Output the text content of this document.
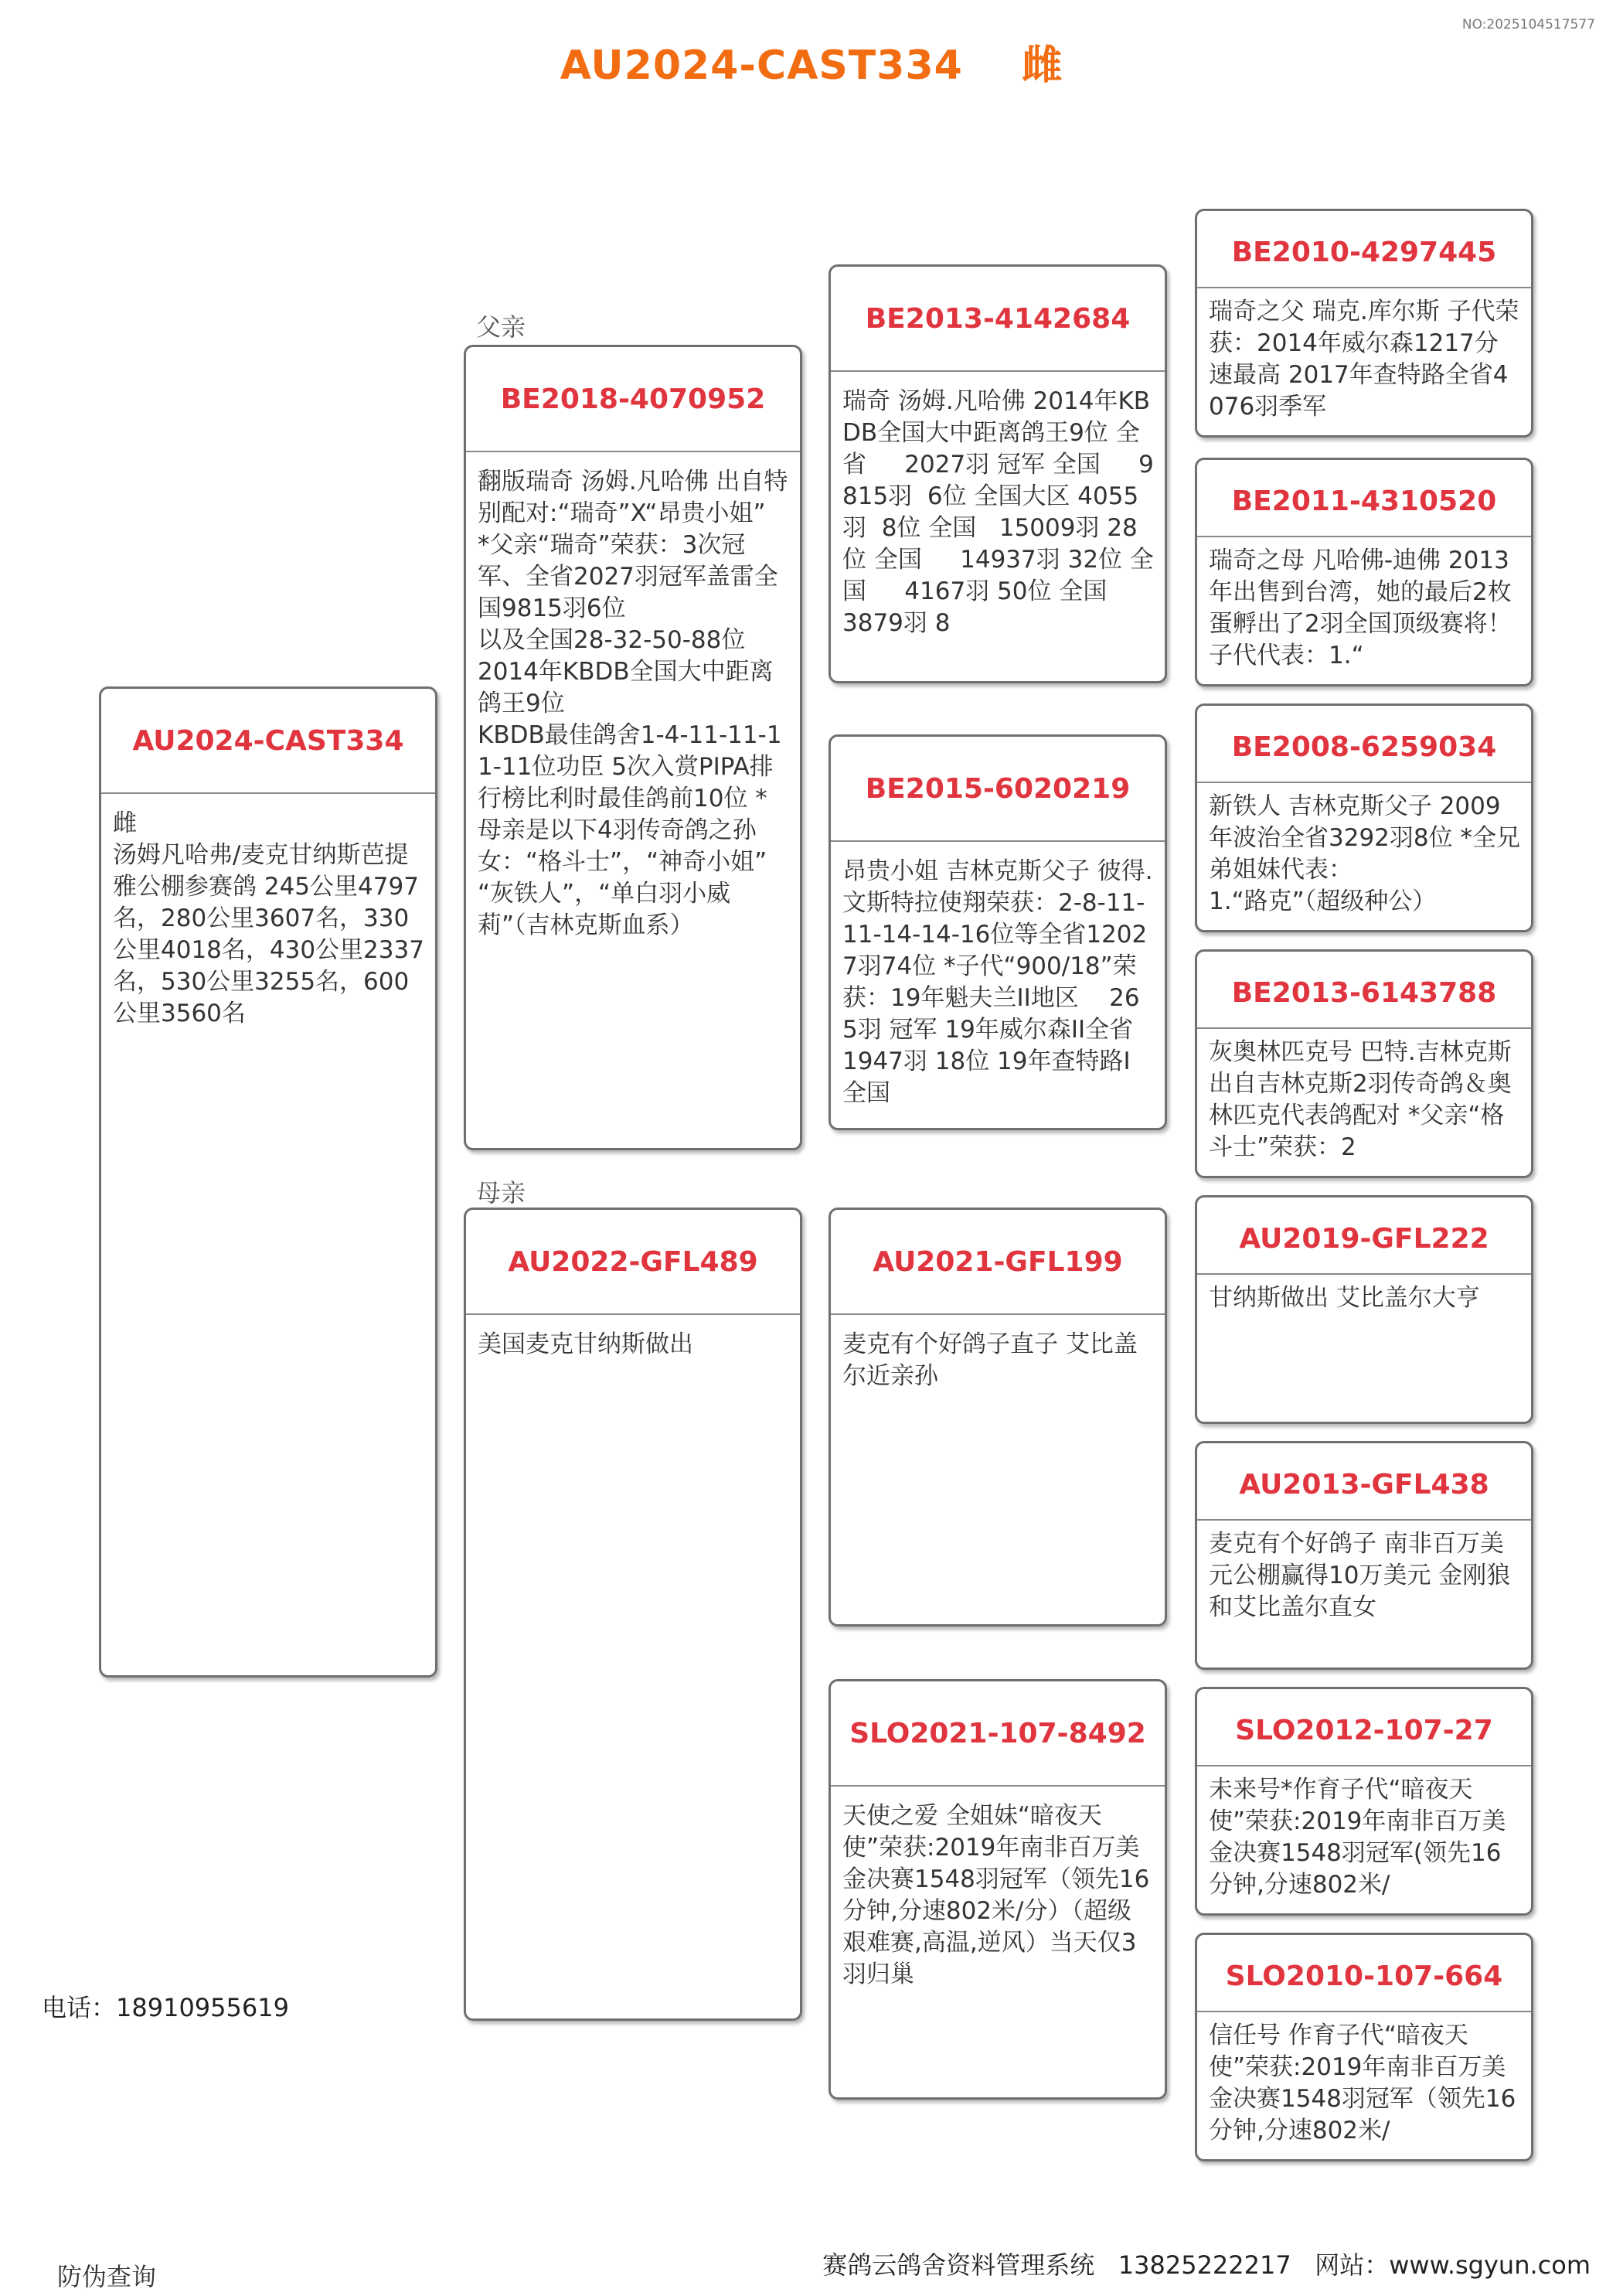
NO:2025104517577
AU2024-CAST334    雌
父亲
母亲
AU2024-CAST334
雌
汤姆凡哈弗/麦克甘纳斯芭提雅公棚参赛鸽 245公里4797名，280公里3607名，330公里4018名，430公里2337名，530公里3255名，600公里3560名
BE2018-4070952
翻版瑞奇 汤姆.凡哈佛 出自特别配对:“瑞奇”X“昂贵小姐”
*父亲“瑞奇”荣获：3次冠军、全省2027羽冠军盖雷全国9815羽6位
以及全国28-32-50-88位
2014年KBDB全国大中距离鸽王9位
KBDB最佳鸽舍1-4-11-11-11-11位功臣 5次入赏PIPA排行榜比利时最佳鸽前10位 *母亲是以下4羽传奇鸽之孙女：“格斗士”，“神奇小姐”
“灰铁人”，“单白羽小威莉”（吉林克斯血系）
AU2022-GFL489
美国麦克甘纳斯做出
BE2013-4142684
瑞奇 汤姆.凡哈佛 2014年KBDB全国大中距离鸽王9位 全省     2027羽 冠军 全国     9815羽  6位 全国大区 4055羽  8位 全国   15009羽 28位 全国     14937羽 32位 全国     4167羽 50位 全国     3879羽 8
BE2015-6020219
昂贵小姐 吉林克斯父子 彼得.文斯特拉使翔荣获：2-8-11-11-14-14-16位等全省12027羽74位 *子代“900/18”荣获：19年魁夫兰II地区    265羽 冠军 19年威尔森II全省   1947羽 18位 19年查特路I全国
AU2021-GFL199
麦克有个好鸽子直子 艾比盖尔近亲孙
SLO2021-107-8492
天使之爱 全姐妹“暗夜天使”荣获:2019年南非百万美金决赛1548羽冠军（领先16分钟,分速802米/分）（超级艰难赛,高温,逆风）当天仅3羽归巢
BE2010-4297445
瑞奇之父 瑞克.库尔斯 子代荣获：2014年威尔森1217分速最高 2017年查特路全省4076羽季军
BE2011-4310520
瑞奇之母 凡哈佛-迪佛 2013年出售到台湾，她的最后2枚蛋孵出了2羽全国顶级赛将！子代代表：1.“
BE2008-6259034
新铁人 吉林克斯父子 2009年波治全省3292羽8位 *全兄弟姐妹代表：
1.“路克”（超级种公）
BE2013-6143788
灰奥林匹克号 巴特.吉林克斯 出自吉林克斯2羽传奇鸽＆奥林匹克代表鸽配对 *父亲“格斗士”荣获：2
AU2019-GFL222
甘纳斯做出 艾比盖尔大亨
AU2013-GFL438
麦克有个好鸽子 南非百万美元公棚赢得10万美元 金刚狼和艾比盖尔直女
SLO2012-107-27
未来号*作育子代“暗夜天使”荣获:2019年南非百万美金决赛1548羽冠军(领先16分钟,分速802米/
SLO2010-107-664
信任号 作育子代“暗夜天使”荣获:2019年南非百万美金决赛1548羽冠军（领先16分钟,分速802米/
电话：18910955619
防伪查询	赛鸽云鸽舍资料管理系统   13825222217   网站：www.sgyun.com
